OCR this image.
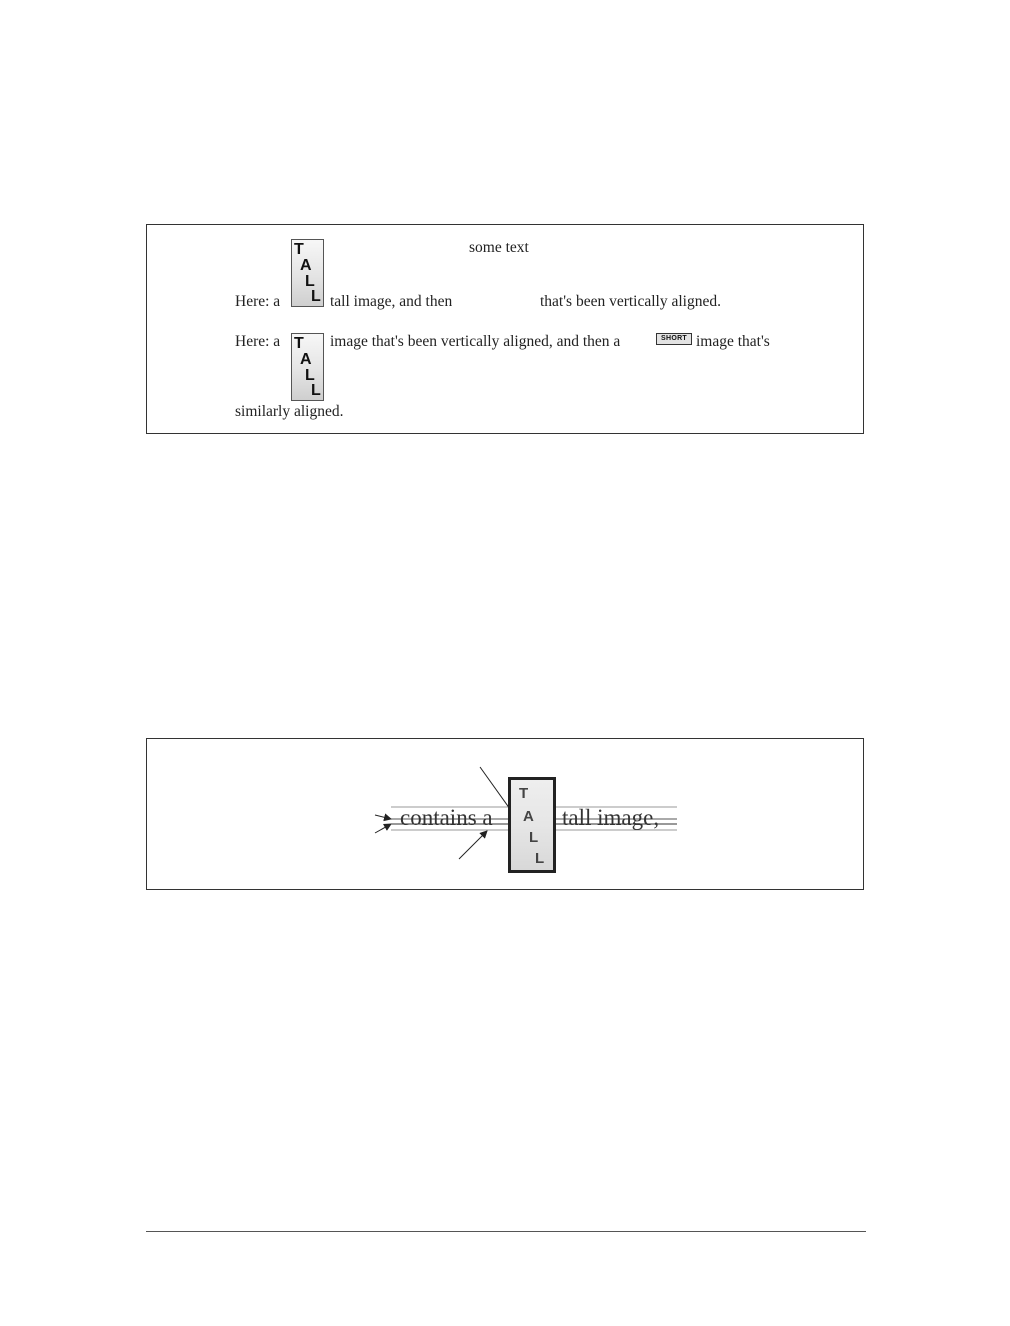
some text
Here: a
T
A
L
L tall image, and then	that's been vertically aligned.
Here: a T
A
L
L
image that's been vertically aligned, and then a	SHORT image that's
similarly aligned.
contains a
T
A
L
L
tall image,
